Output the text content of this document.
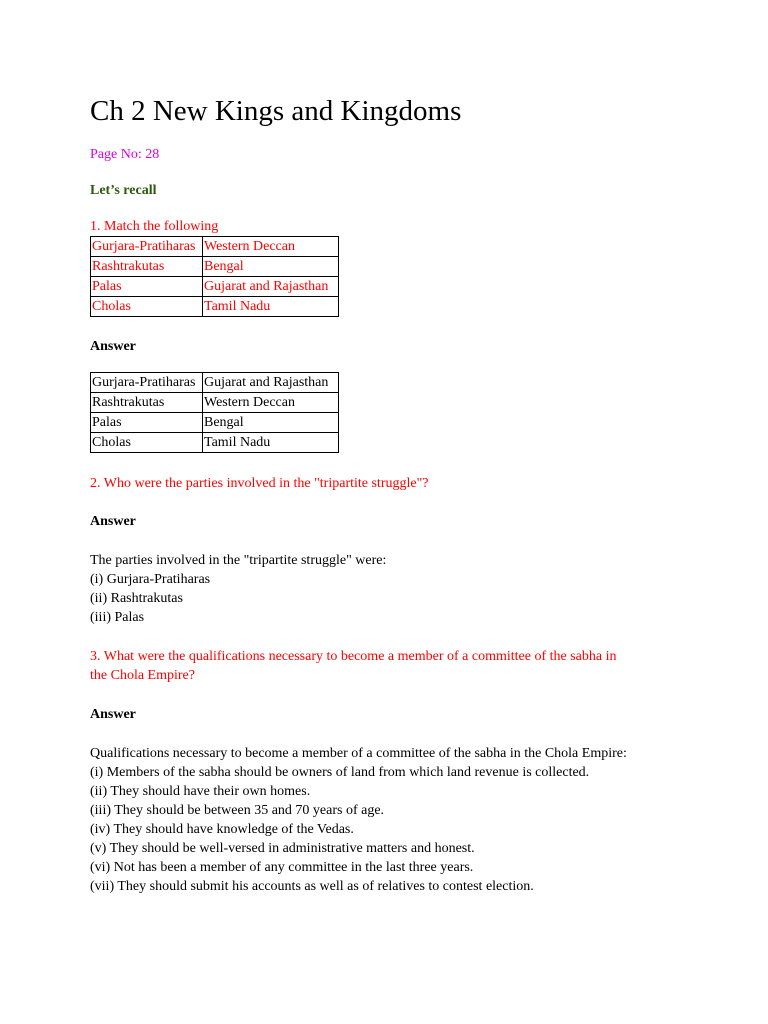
Ch 2 New Kings and Kingdoms
Page No: 28
Let’s recall
1. Match the following
Gurjara-Pratiharas	Western Deccan
Rashtrakutas	Bengal
Palas	Gujarat and Rajasthan
Cholas	Tamil Nadu
Answer
Gurjara-Pratiharas	Gujarat and Rajasthan
Rashtrakutas	Western Deccan
Palas	Bengal
Cholas	Tamil Nadu
2. Who were the parties involved in the "tripartite struggle"?
Answer
The parties involved in the "tripartite struggle" were:
(i) Gurjara-Pratiharas
(ii) Rashtrakutas
(iii) Palas
3. What were the qualifications necessary to become a member of a committee of the sabha in
the Chola Empire?
Answer
Qualifications necessary to become a member of a committee of the sabha in the Chola Empire:
(i) Members of the sabha should be owners of land from which land revenue is collected.
(ii) They should have their own homes.
(iii) They should be between 35 and 70 years of age.
(iv) They should have knowledge of the Vedas.
(v) They should be well-versed in administrative matters and honest.
(vi) Not has been a member of any committee in the last three years.
(vii) They should submit his accounts as well as of relatives to contest election.
